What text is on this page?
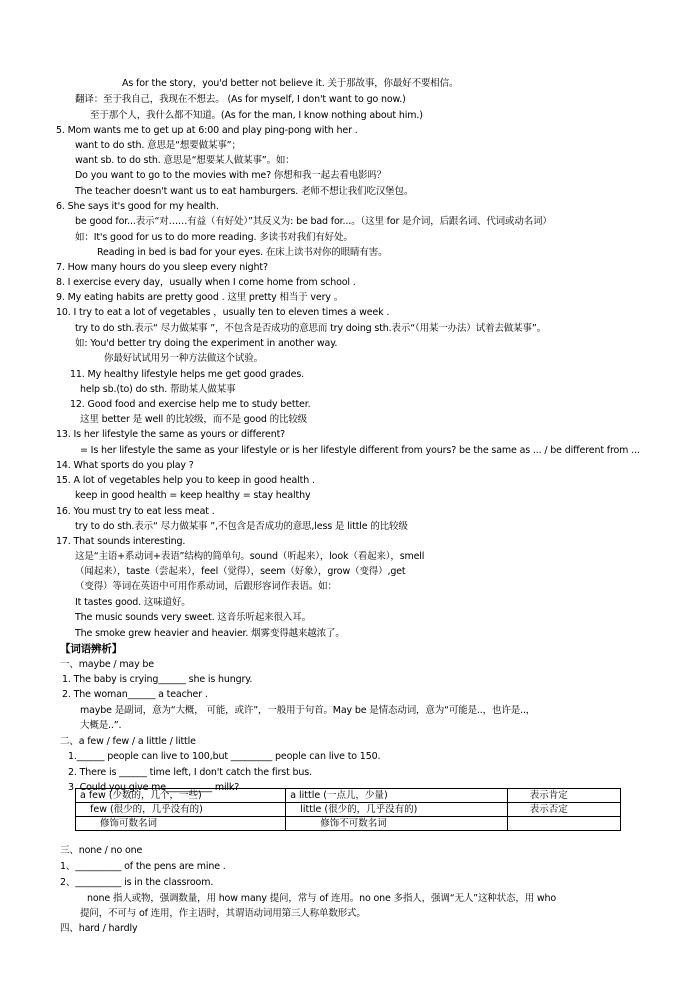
As for the story，you'd better not believe it. 关于那故事，你最好不要相信。
翻译：至于我自己，我现在不想去。 (As for myself, I don't want to go now.)
至于那个人，我什么都不知道。(As for the man, I know nothing about him.)
5. Mom wants me to get up at 6:00 and play ping-pong with her .
want to do sth. 意思是“想要做某事”；
want sb. to do sth. 意思是“想要某人做某事”。如：
Do you want to go to the movies with me? 你想和我一起去看电影吗？
The teacher doesn't want us to eat hamburgers. 老师不想让我们吃汉堡包。
6. She says it's good for my health.
be good for...表示“对……有益（有好处）”其反义为: be bad for...。（这里 for 是介词，后跟名词、代词或动名词）
如：It's good for us to do more reading. 多读书对我们有好处。
Reading in bed is bad for your eyes. 在床上读书对你的眼睛有害。
7. How many hours do you sleep every night?
8. I exercise every day，usually when I come home from school .
9. My eating habits are pretty good . 这里 pretty 相当于 very 。
10. I try to eat a lot of vegetables ，usually ten to eleven times a week .
try to do sth.表示“ 尽力做某事 ”，不包含是否成功的意思而 try doing sth.表示“（用某一办法）试着去做某事”。
如: You'd better try doing the experiment in another way.
你最好试试用另一种方法做这个试验。
11. My healthy lifestyle helps me get good grades.
help sb.(to) do sth. 帮助某人做某事
12. Good food and exercise help me to study better.
这里 better 是 well 的比较级，而不是 good 的比较级
13. Is her lifestyle the same as yours or different?
= Is her lifestyle the same as your lifestyle or is her lifestyle different from yours? be the same as ... / be different from ...
14. What sports do you play ?
15. A lot of vegetables help you to keep in good health .
keep in good health = keep healthy = stay healthy
16. You must try to eat less meat .
try to do sth.表示“ 尽力做某事 ”,不包含是否成功的意思,less 是 little 的比较级
17. That sounds interesting.
这是“主语+系动词+表语”结构的简单句。sound（听起来），look（看起来），smell
（闻起来），taste（尝起来），feel（觉得），seem（好象），grow（变得）,get
（变得）等词在英语中可用作系动词，后跟形容词作表语。如：
It tastes good. 这味道好。
The music sounds very sweet. 这音乐听起来很入耳。
The smoke grew heavier and heavier. 烟雾变得越来越浓了。
【词语辨析】
一、maybe / may be
1. The baby is crying______ she is hungry.
2. The woman______ a teacher .
maybe 是副词，意为“大概， 可能，或许”，一般用于句首。May be 是情态动词，意为“可能是..，也许是..，
大概是..”.
二、a few / few / a little / little
1.______ people can live to 100,but _________ people can live to 150.
2. There is ______ time left, I don't catch the first bus.
3. Could you give me__________ milk?
三、none / no one
1、__________ of the pens are mine .
2、__________ is in the classroom.
none 指人或物，强调数量，用 how many 提问，常与 of 连用。no one 多指人，强调“无人”这种状态，用 who
提问，不可与 of 连用，作主语时，其谓语动词用第三人称单数形式。
四、hard / hardly
a few (少数的，几个，一些)	a little (一点儿，少量)	表示肯定
few (很少的，几乎没有的)	little (很少的，几乎没有的)	表示否定
修饰可数名词	修饰不可数名词	
